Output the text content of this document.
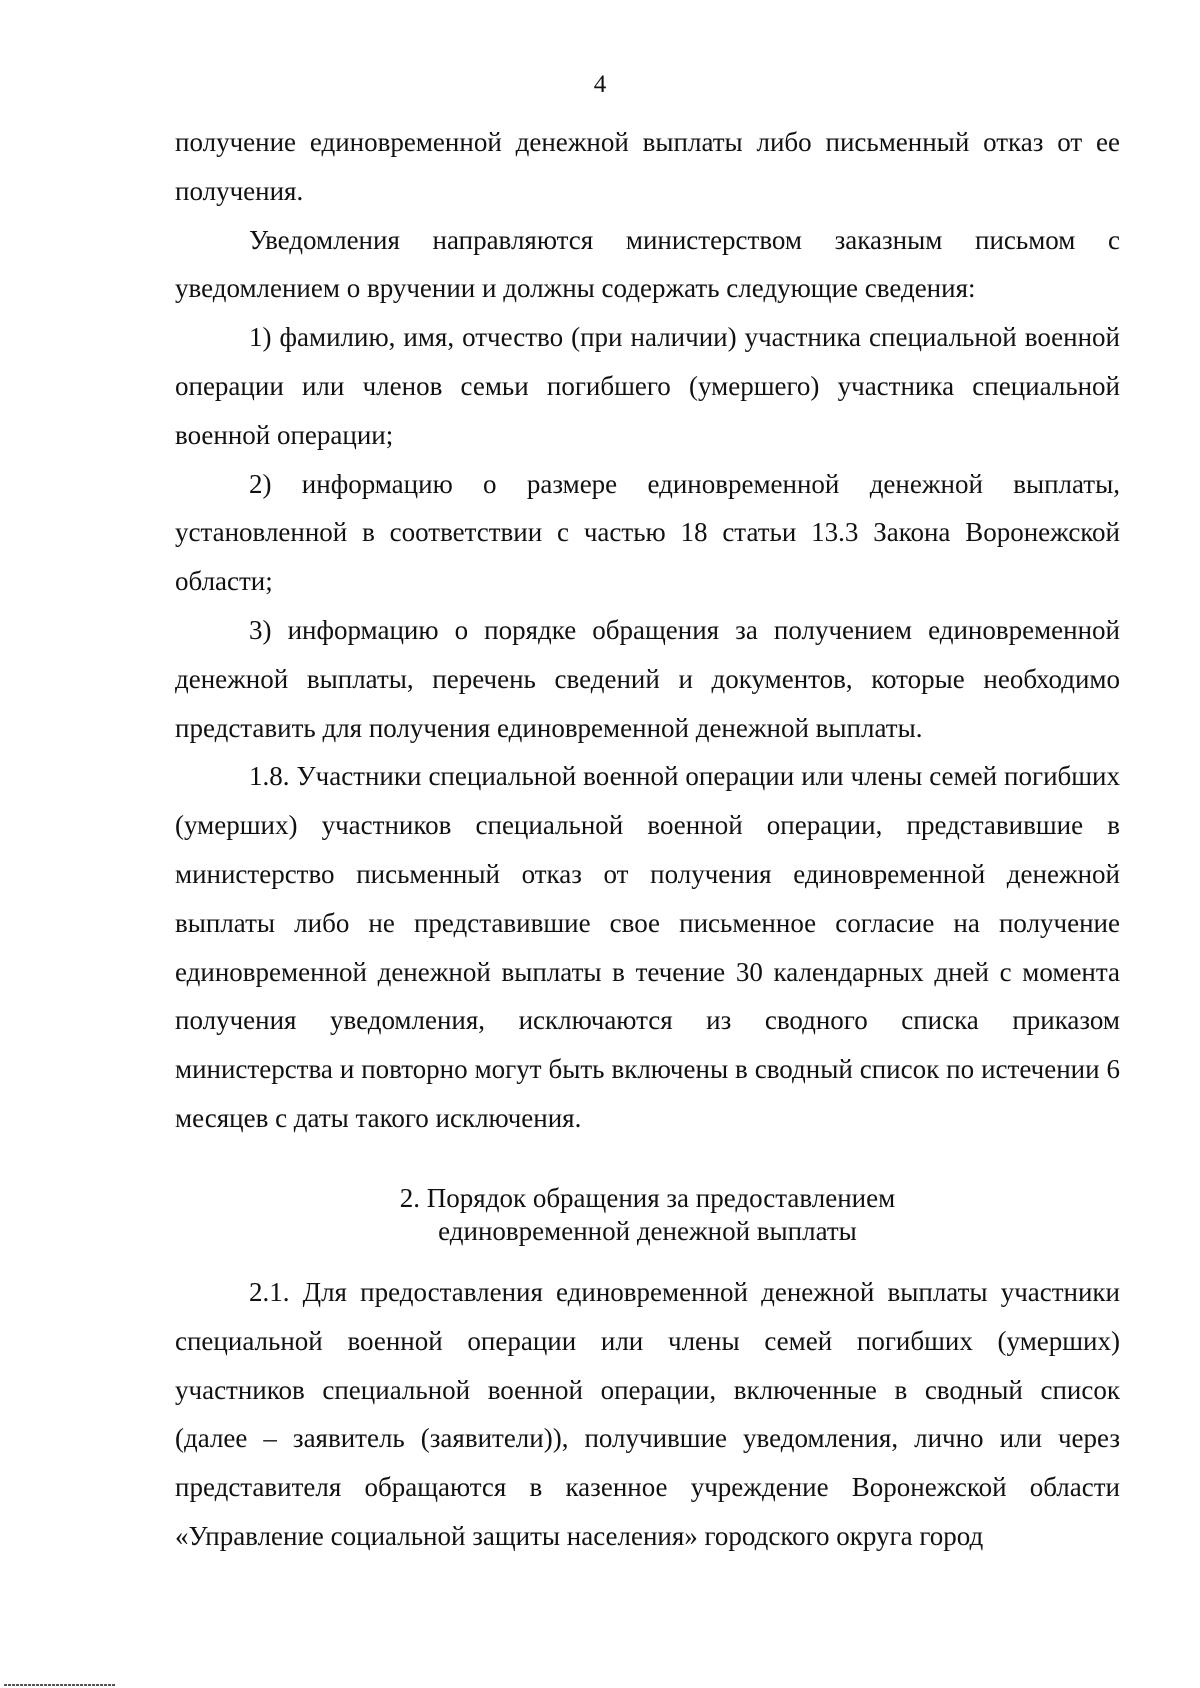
4

получение единовременной денежной выплаты либо письменный отказ от ее получения.

Уведомления направляются министерством заказным письмом с уведомлением о вручении и должны содержать следующие сведения:

1) фамилию, имя, отчество (при наличии) участника специальной военной операции или членов семьи погибшего (умершего) участника специальной военной операции;

2) информацию о размере единовременной денежной выплаты, установленной в соответствии с частью 18 статьи 13.3 Закона Воронежской области;

3) информацию о порядке обращения за получением единовременной денежной выплаты, перечень сведений и документов, которые необходимо представить для получения единовременной денежной выплаты.

1.8. Участники специальной военной операции или члены семей погибших (умерших) участников специальной военной операции, представившие в министерство письменный отказ от получения единовременной денежной выплаты либо не представившие свое письменное согласие на получение единовременной денежной выплаты в течение 30 календарных дней с момента получения уведомления, исключаются из сводного списка приказом министерства и повторно могут быть включены в сводный список по истечении 6 месяцев с даты такого исключения.

2. Порядок обращения за предоставлением
единовременной денежной выплаты

2.1. Для предоставления единовременной денежной выплаты участники специальной военной операции или члены семей погибших (умерших) участников специальной военной операции, включенные в сводный список (далее – заявитель (заявители)), получившие уведомления, лично или через представителя обращаются в казенное учреждение Воронежской области «Управление социальной защиты населения» городского округа город
